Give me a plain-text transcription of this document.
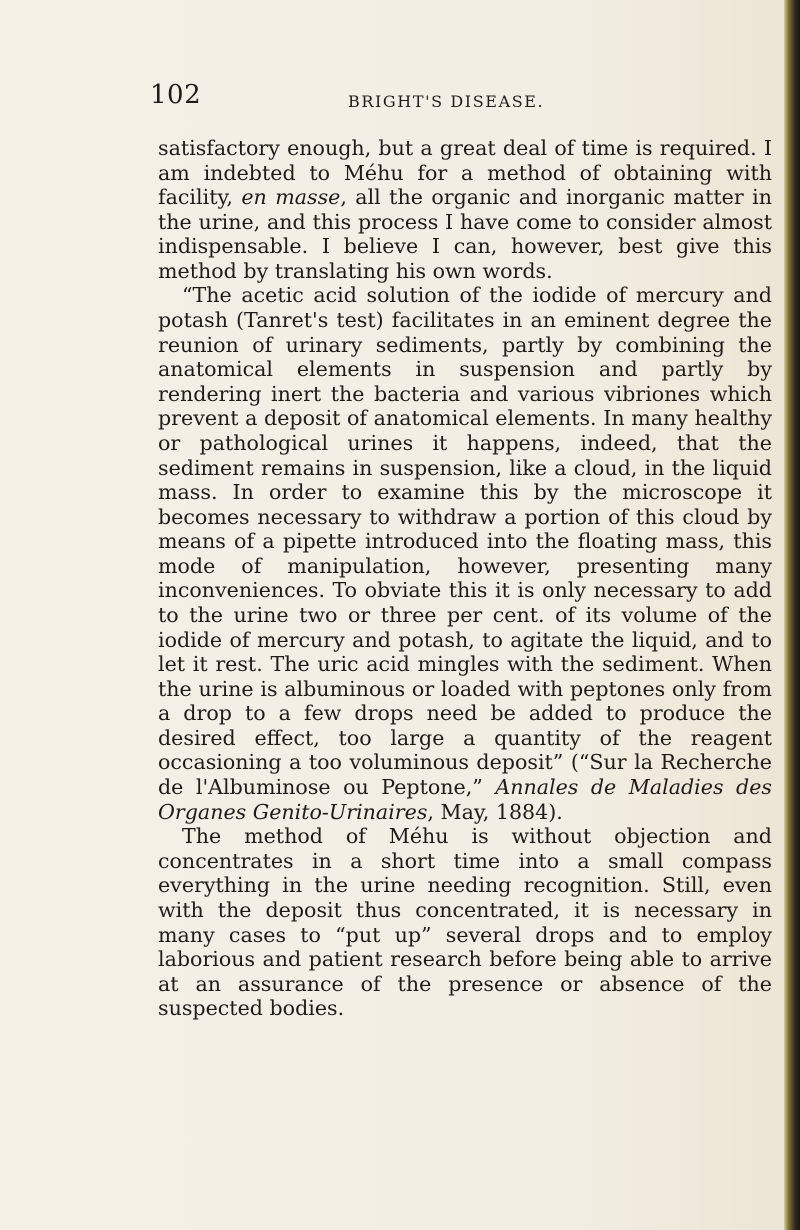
102	BRIGHT'S DISEASE.

satisfactory enough, but a great deal of time is required. I am indebted to Méhu for a method of obtaining with facility, en masse, all the organic and inorganic matter in the urine, and this process I have come to consider almost indispensable. I believe I can, however, best give this method by translating his own words.

“The acetic acid solution of the iodide of mercury and potash (Tanret's test) facilitates in an eminent degree the reunion of urinary sediments, partly by combining the anatomical elements in suspension and partly by rendering inert the bacteria and various vibriones which prevent a deposit of anatomical elements. In many healthy or pathological urines it happens, indeed, that the sediment remains in suspension, like a cloud, in the liquid mass. In order to examine this by the microscope it becomes necessary to withdraw a portion of this cloud by means of a pipette introduced into the floating mass, this mode of manipulation, however, presenting many inconveniences. To obviate this it is only necessary to add to the urine two or three per cent. of its volume of the iodide of mercury and potash, to agitate the liquid, and to let it rest. The uric acid mingles with the sediment. When the urine is albuminous or loaded with peptones only from a drop to a few drops need be added to produce the desired effect, too large a quantity of the reagent occasioning a too voluminous deposit” (“Sur la Recherche de l'Albuminose ou Peptone,” Annales de Maladies des Organes Genito-Urinaires, May, 1884).

The method of Méhu is without objection and concentrates in a short time into a small compass everything in the urine needing recognition. Still, even with the deposit thus concentrated, it is necessary in many cases to “put up” several drops and to employ laborious and patient research before being able to arrive at an assurance of the presence or absence of the suspected bodies.
